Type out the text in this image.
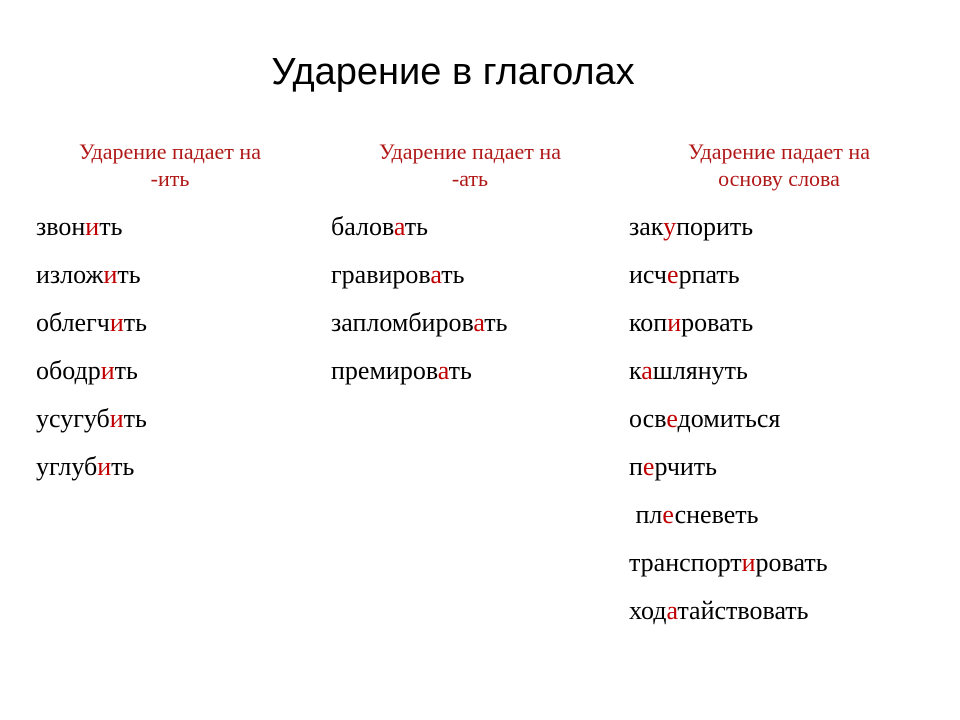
Ударение в глаголах
Ударение падает на
-ить
звонить
изложить
облегчить
ободрить
усугубить
углубить
Ударение падает на
-ать
баловать
гравировать
запломбировать
премировать
Ударение падает на
основу слова
закупорить
исчерпать
копировать
кашлянуть
осведомиться
перчить
плесневеть
транспортировать
ходатайствовать
